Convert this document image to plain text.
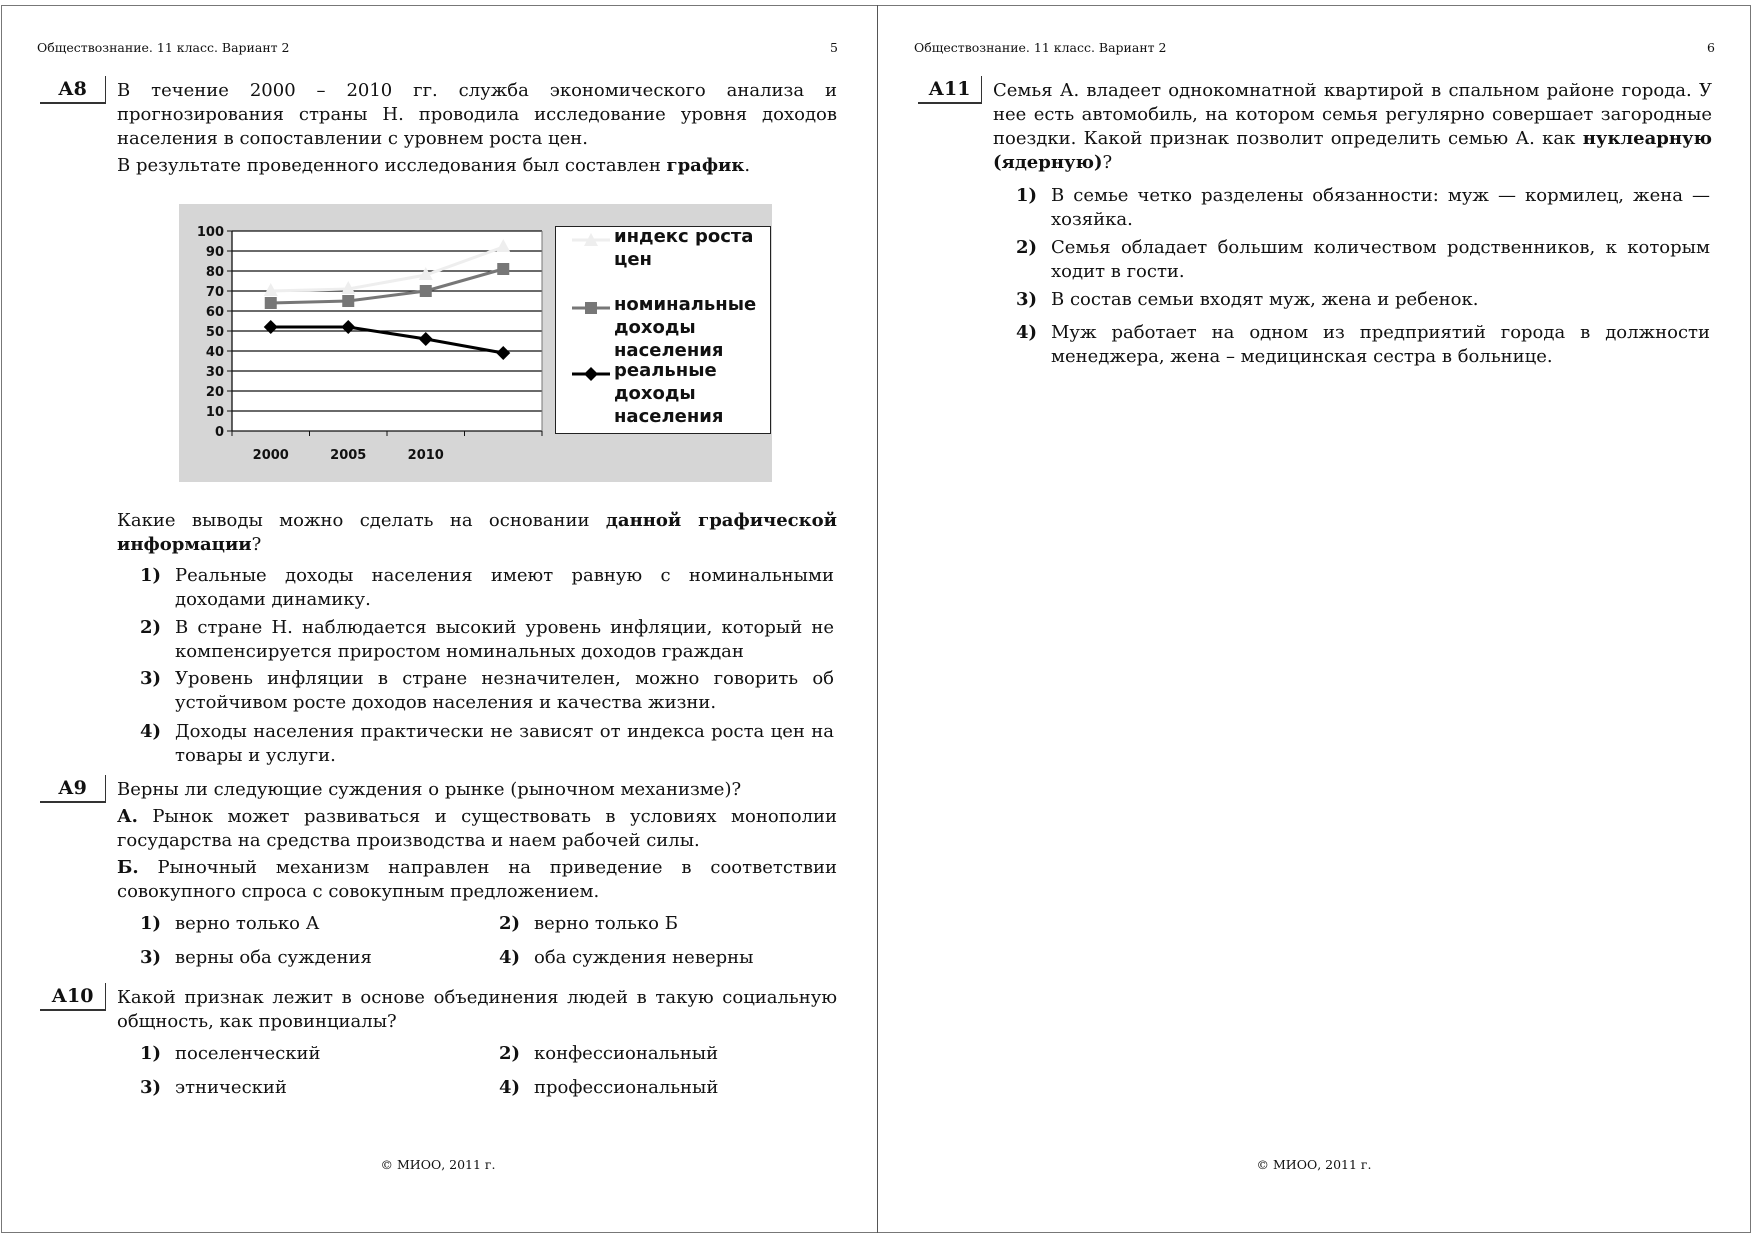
Обществознание. 11 класс. Вариант 2	5
А8	В течение 2000 – 2010 гг. служба экономического анализа и прогнозирования страны Н. проводила исследование уровня доходов населения в сопоставлении с уровнем роста цен.

В результате проведенного исследования был составлен график.

0
10
20
30
40
50
60
70
80
90
100
2000	2005	2010
индекс роста
цен
номинальные
доходы
населения
реальные
доходы
населения

Какие выводы можно сделать на основании данной графической информации?

1) Реальные доходы населения имеют равную с номинальными доходами динамику.
2) В стране Н. наблюдается высокий уровень инфляции, который не компенсируется приростом номинальных доходов граждан
3) Уровень инфляции в стране незначителен, можно говорить об устойчивом росте доходов населения и качества жизни.
4) Доходы населения практически не зависят от индекса роста цен на товары и услуги.
А9	Верны ли следующие суждения о рынке (рыночном механизме)?

А. Рынок может развиваться и существовать в условиях монополии государства на средства производства и наем рабочей силы.

Б. Рыночный механизм направлен на приведение в соответствии совокупного спроса с совокупным предложением.

1) верно только А	2) верно только Б
3) верны оба суждения	4) оба суждения неверны
А10	Какой признак лежит в основе объединения людей в такую социальную общность, как провинциалы?

1) поселенческий	2) конфессиональный
3) этнический	4) профессиональный
© МИОО, 2011 г.
Обществознание. 11 класс. Вариант 2	6
А11	Семья А. владеет однокомнатной квартирой в спальном районе города. У нее есть автомобиль, на котором семья регулярно совершает загородные поездки. Какой признак позволит определить семью А. как нуклеарную (ядерную)?

1) В семье четко разделены обязанности: муж — кормилец, жена — хозяйка.
2) Семья обладает большим количеством родственников, к которым ходит в гости.
3) В состав семьи входят муж, жена и ребенок.
4) Муж работает на одном из предприятий города в должности менеджера, жена – медицинская сестра в больнице.
© МИОО, 2011 г.
